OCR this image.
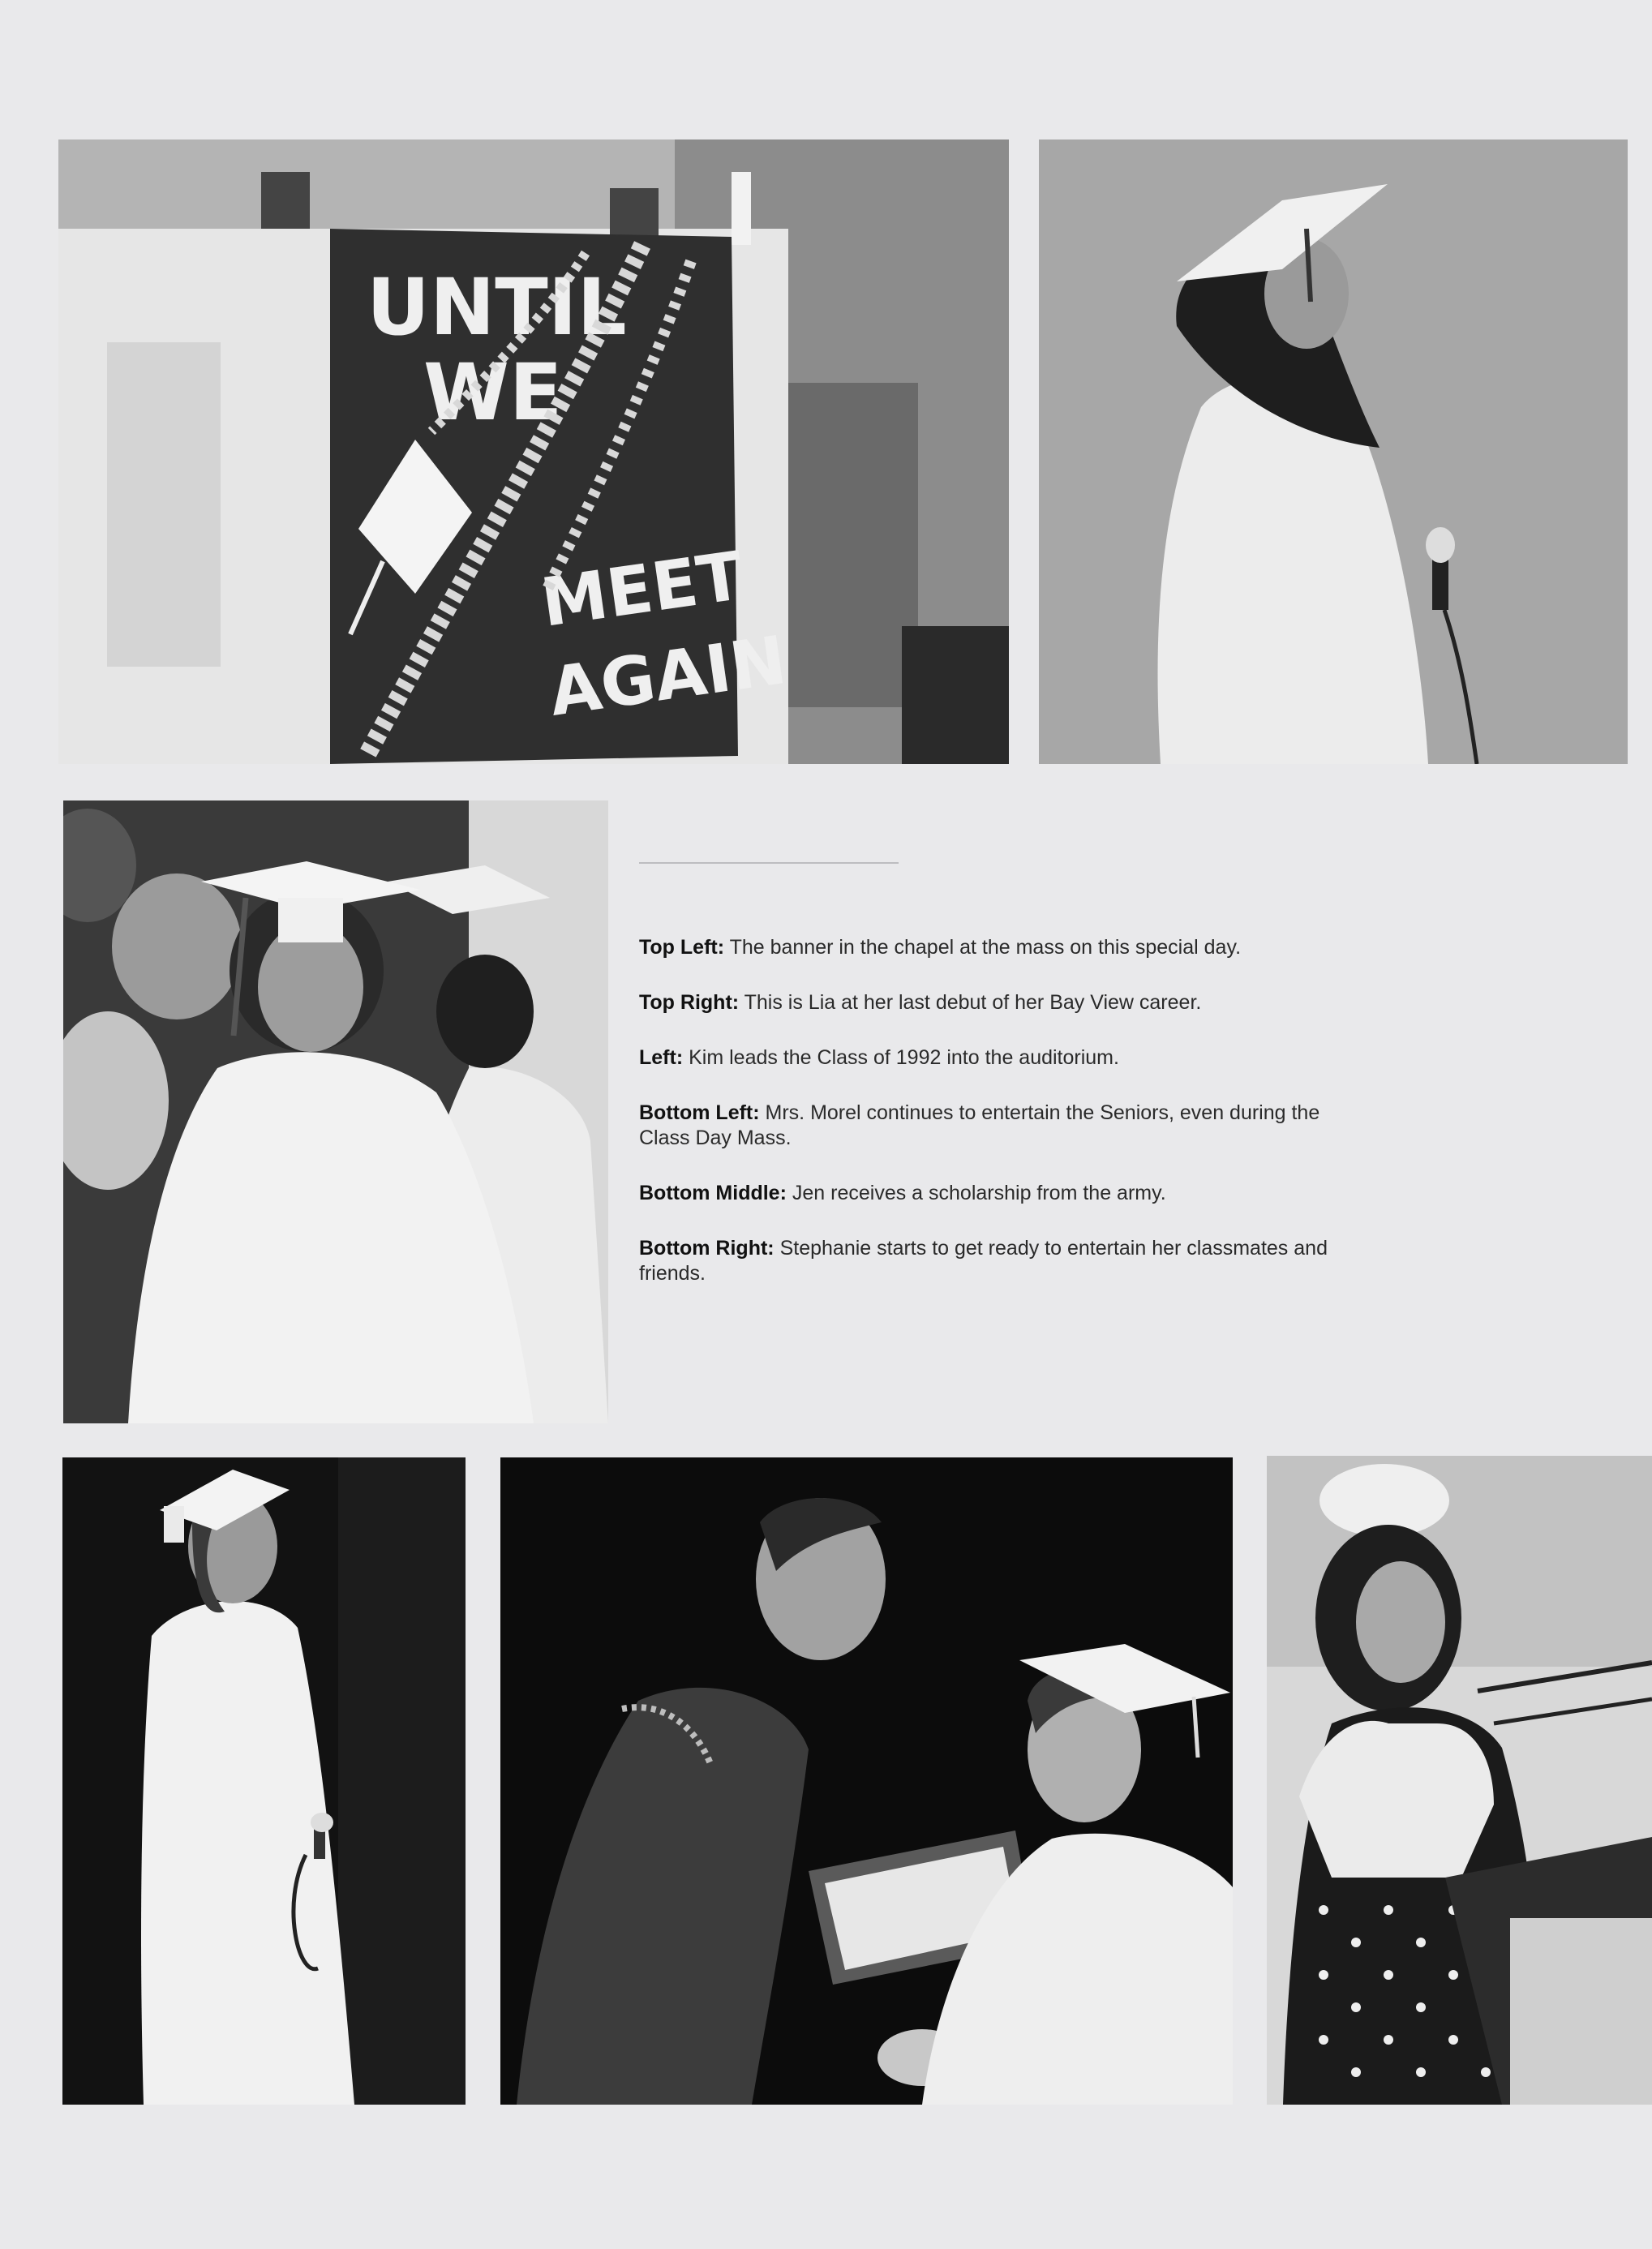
UNTIL
WE
MEET
AGAIN

Top Left: The banner in the chapel at the mass on this special day.

Top Right: This is Lia at her last debut of her Bay View career.

Left: Kim leads the Class of 1992 into the auditorium.

Bottom Left: Mrs. Morel continues to entertain the Seniors, even during the Class Day Mass.

Bottom Middle: Jen receives a scholarship from the army.

Bottom Right: Stephanie starts to get ready to entertain her classmates and friends.
